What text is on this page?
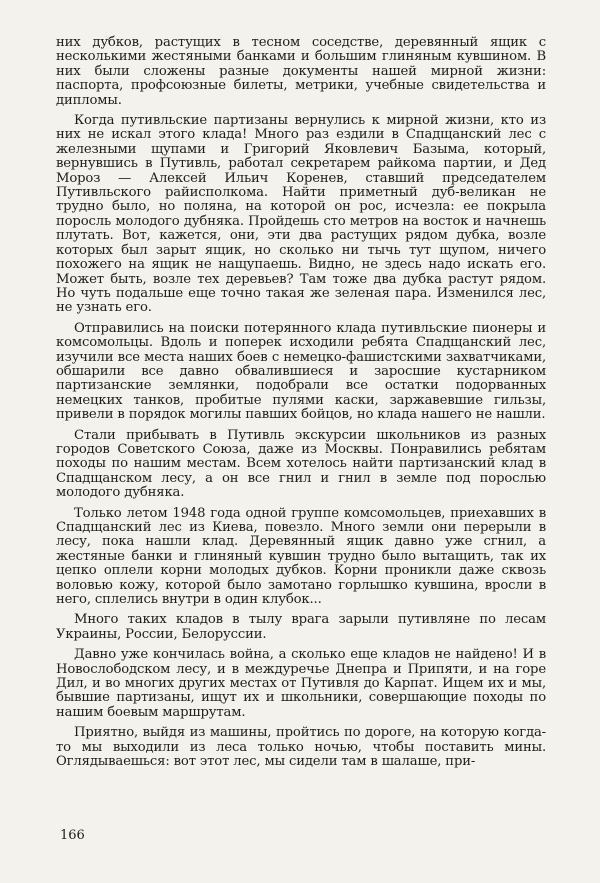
них дубков, растущих в тесном соседстве, деревянный ящик с несколькими жестяными банками и большим глиняным кувшином. В них были сложены разные документы нашей мирной жизни: паспорта, профсоюзные билеты, метрики, учебные свидетельства и дипломы.

Когда путивльские партизаны вернулись к мирной жизни, кто из них не искал этого клада! Много раз ездили в Спадщанский лес с железными щупами и Григорий Яковлевич Базыма, который, вернувшись в Путивль, работал секретарем райкома партии, и Дед Мороз — Алексей Ильич Коренев, ставший председателем Путивльского райисполкома. Найти приметный дуб-великан не трудно было, но поляна, на которой он рос, исчезла: ее покрыла поросль молодого дубняка. Пройдешь сто метров на восток и начнешь плутать. Вот, кажется, они, эти два растущих рядом дубка, возле которых был зарыт ящик, но сколько ни тычь тут щупом, ничего похожего на ящик не нащупаешь. Видно, не здесь надо искать его. Может быть, возле тех деревьев? Там тоже два дубка растут рядом. Но чуть подальше еще точно такая же зеленая пара. Изменился лес, не узнать его.

Отправились на поиски потерянного клада путивльские пионеры и комсомольцы. Вдоль и поперек исходили ребята Спадщанский лес, изучили все места наших боев с немецко-фашистскими захватчиками, обшарили все давно обвалившиеся и заросшие кустарником партизанские землянки, подобрали все остатки подорванных немецких танков, пробитые пулями каски, заржавевшие гильзы, привели в порядок могилы павших бойцов, но клада нашего не нашли.

Стали прибывать в Путивль экскурсии школьников из разных городов Советского Союза, даже из Москвы. Понравились ребятам походы по нашим местам. Всем хотелось найти партизанский клад в Спадщанском лесу, а он все гнил и гнил в земле под порослью молодого дубняка.

Только летом 1948 года одной группе комсомольцев, приехавших в Спадщанский лес из Киева, повезло. Много земли они перерыли в лесу, пока нашли клад. Деревянный ящик давно уже сгнил, а жестяные банки и глиняный кувшин трудно было вытащить, так их цепко оплели корни молодых дубков. Корни проникли даже сквозь воловью кожу, которой было замотано горлышко кувшина, вросли в него, сплелись внутри в один клубок...

Много таких кладов в тылу врага зарыли путивляне по лесам Украины, России, Белоруссии.

Давно уже кончилась война, а сколько еще кладов не найдено! И в Новослободском лесу, и в междуречье Днепра и Припяти, и на горе Дил, и во многих других местах от Путивля до Карпат. Ищем их и мы, бывшие партизаны, ищут их и школьники, совершающие походы по нашим боевым маршрутам.

Приятно, выйдя из машины, пройтись по дороге, на которую когда-то мы выходили из леса только ночью, чтобы поставить мины. Оглядываешься: вот этот лес, мы сидели там в шалаше, при-

166
